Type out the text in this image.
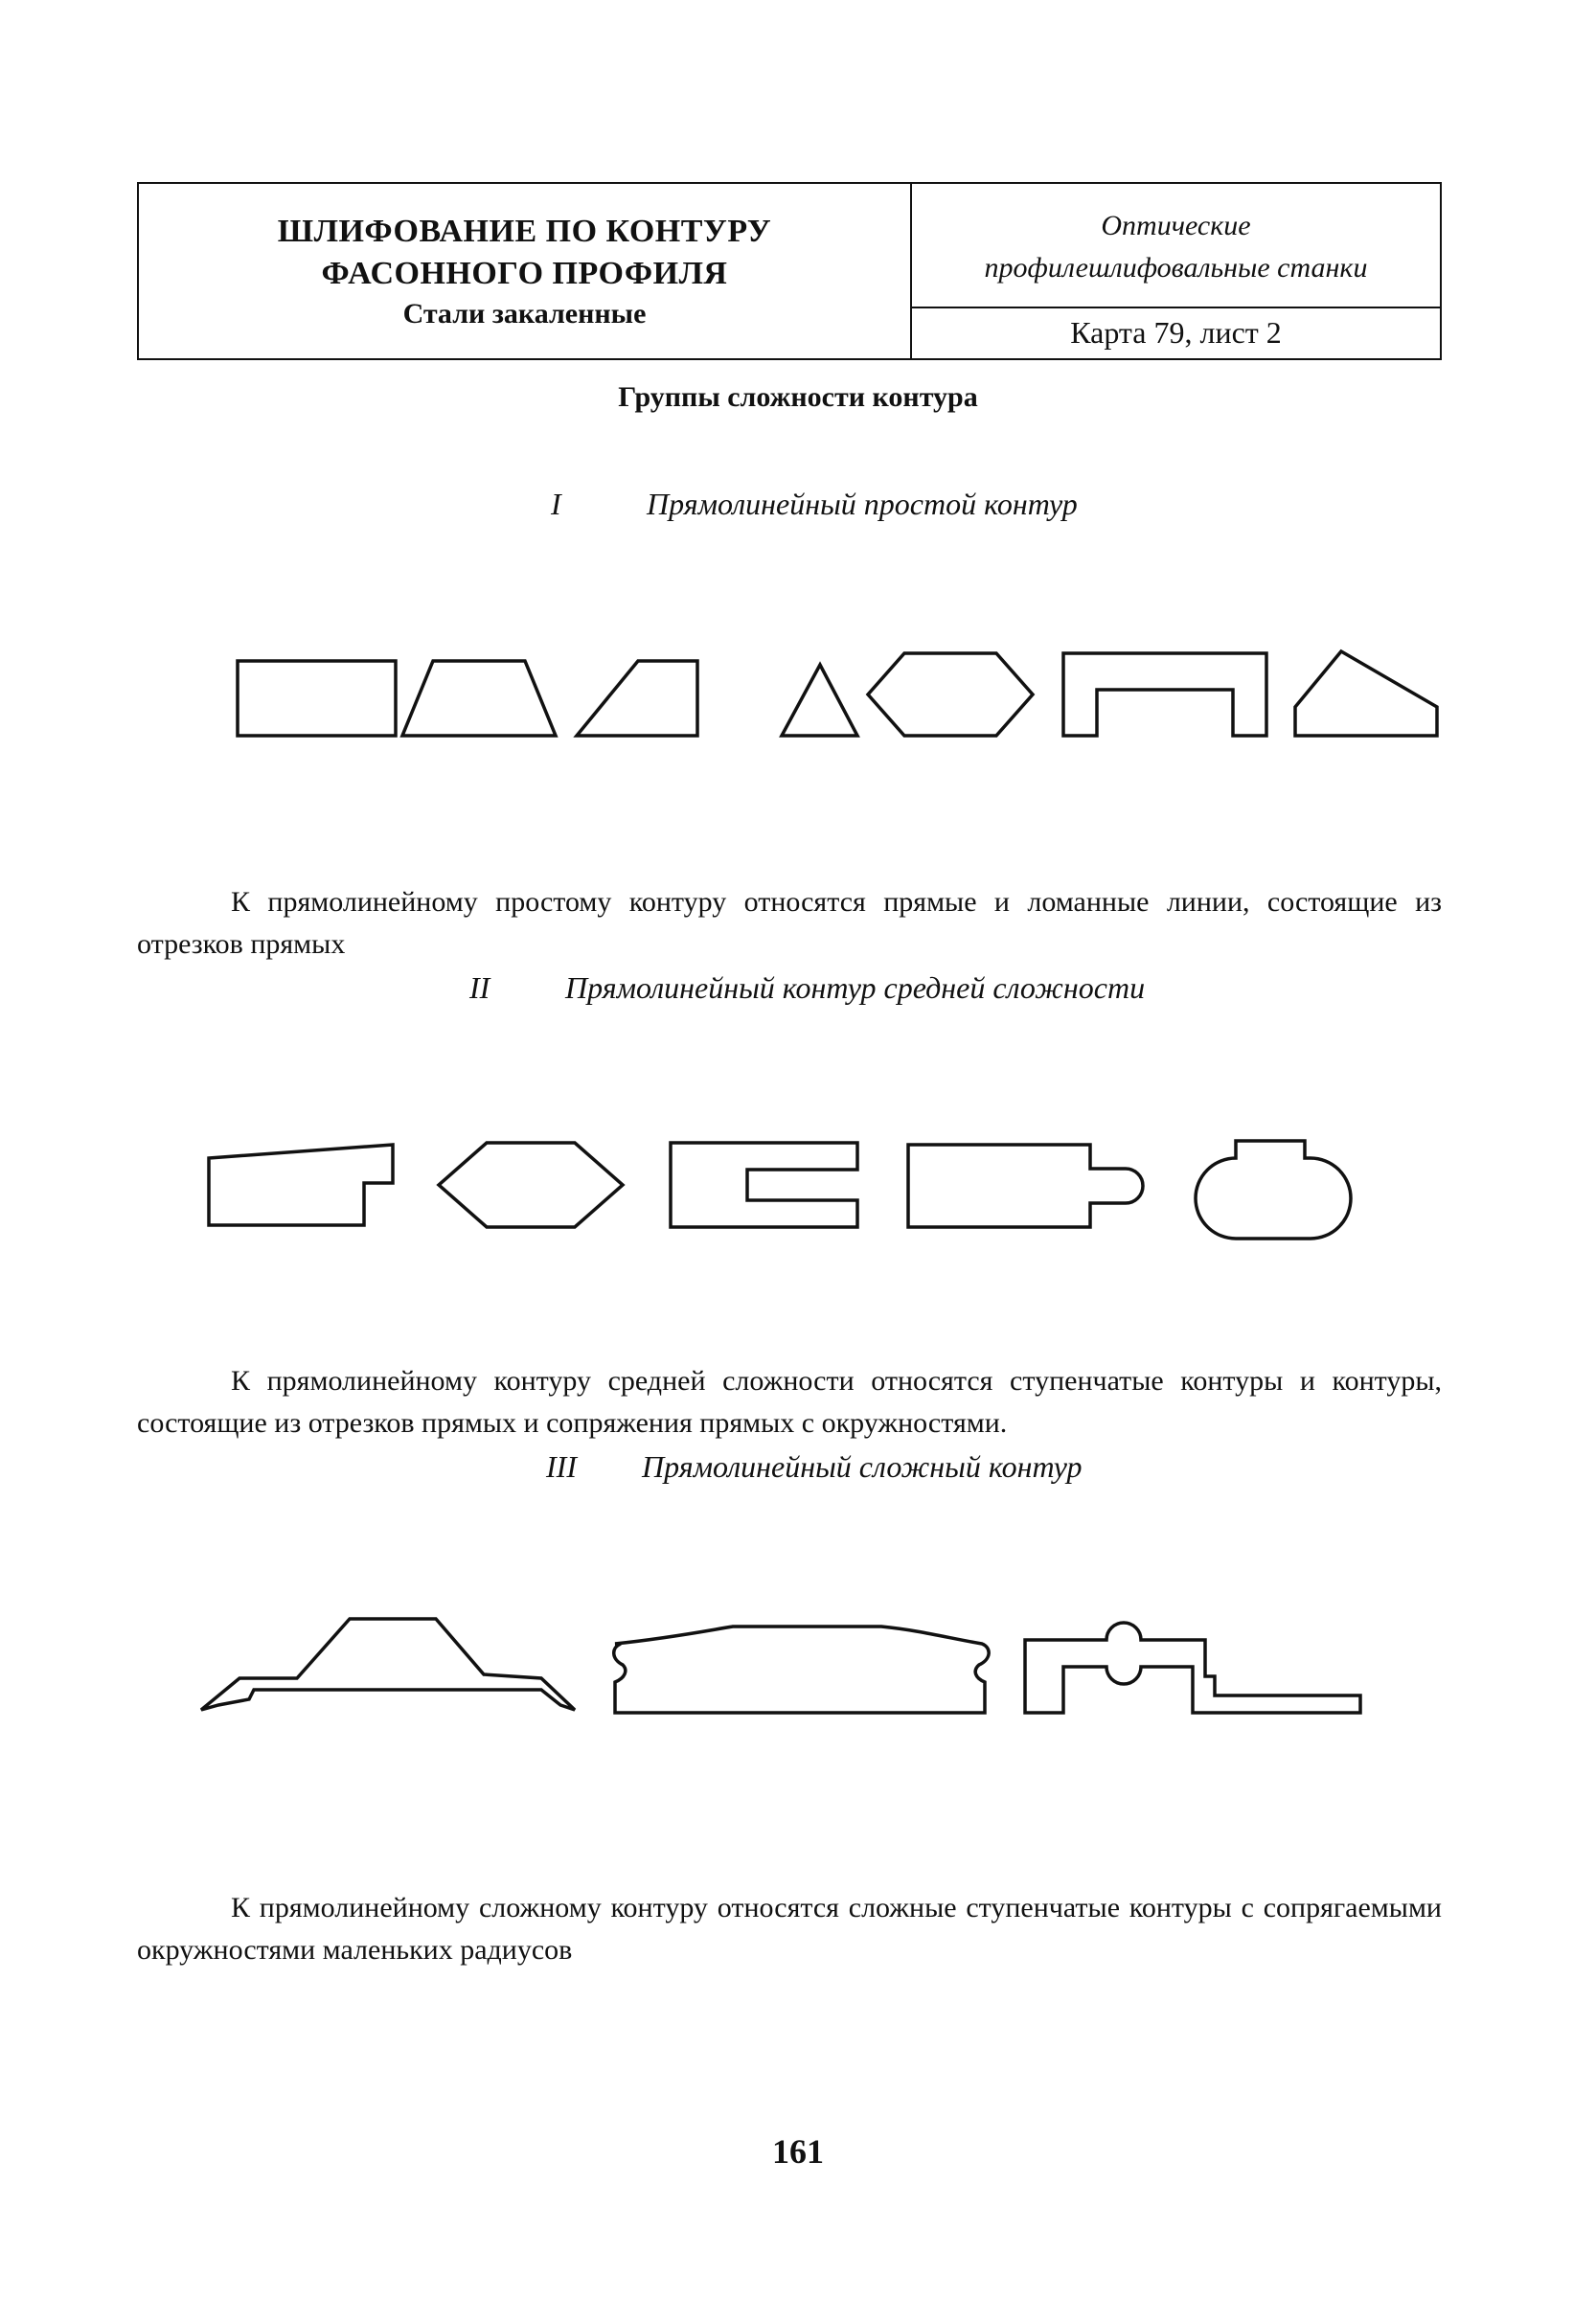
ШЛИФОВАНИЕ ПО КОНТУРУ
ФАСОННОГО ПРОФИЛЯ
Стали закаленные
Оптические
профилешлифовальные станки
Карта 79, лист 2
Группы сложности контура
I	Прямолинейный простой контур
К прямолинейному простому контуру относятся прямые и ломанные линии, состоящие из отрезков прямых
II Прямолинейный контур средней сложности
К прямолинейному контуру средней сложности относятся ступенчатые контуры и контуры, состоящие из отрезков прямых и сопряжения прямых с окружностями.
III Прямолинейный сложный контур
К прямолинейному сложному контуру относятся сложные ступенчатые контуры с сопрягаемыми окружностями маленьких радиусов
161
